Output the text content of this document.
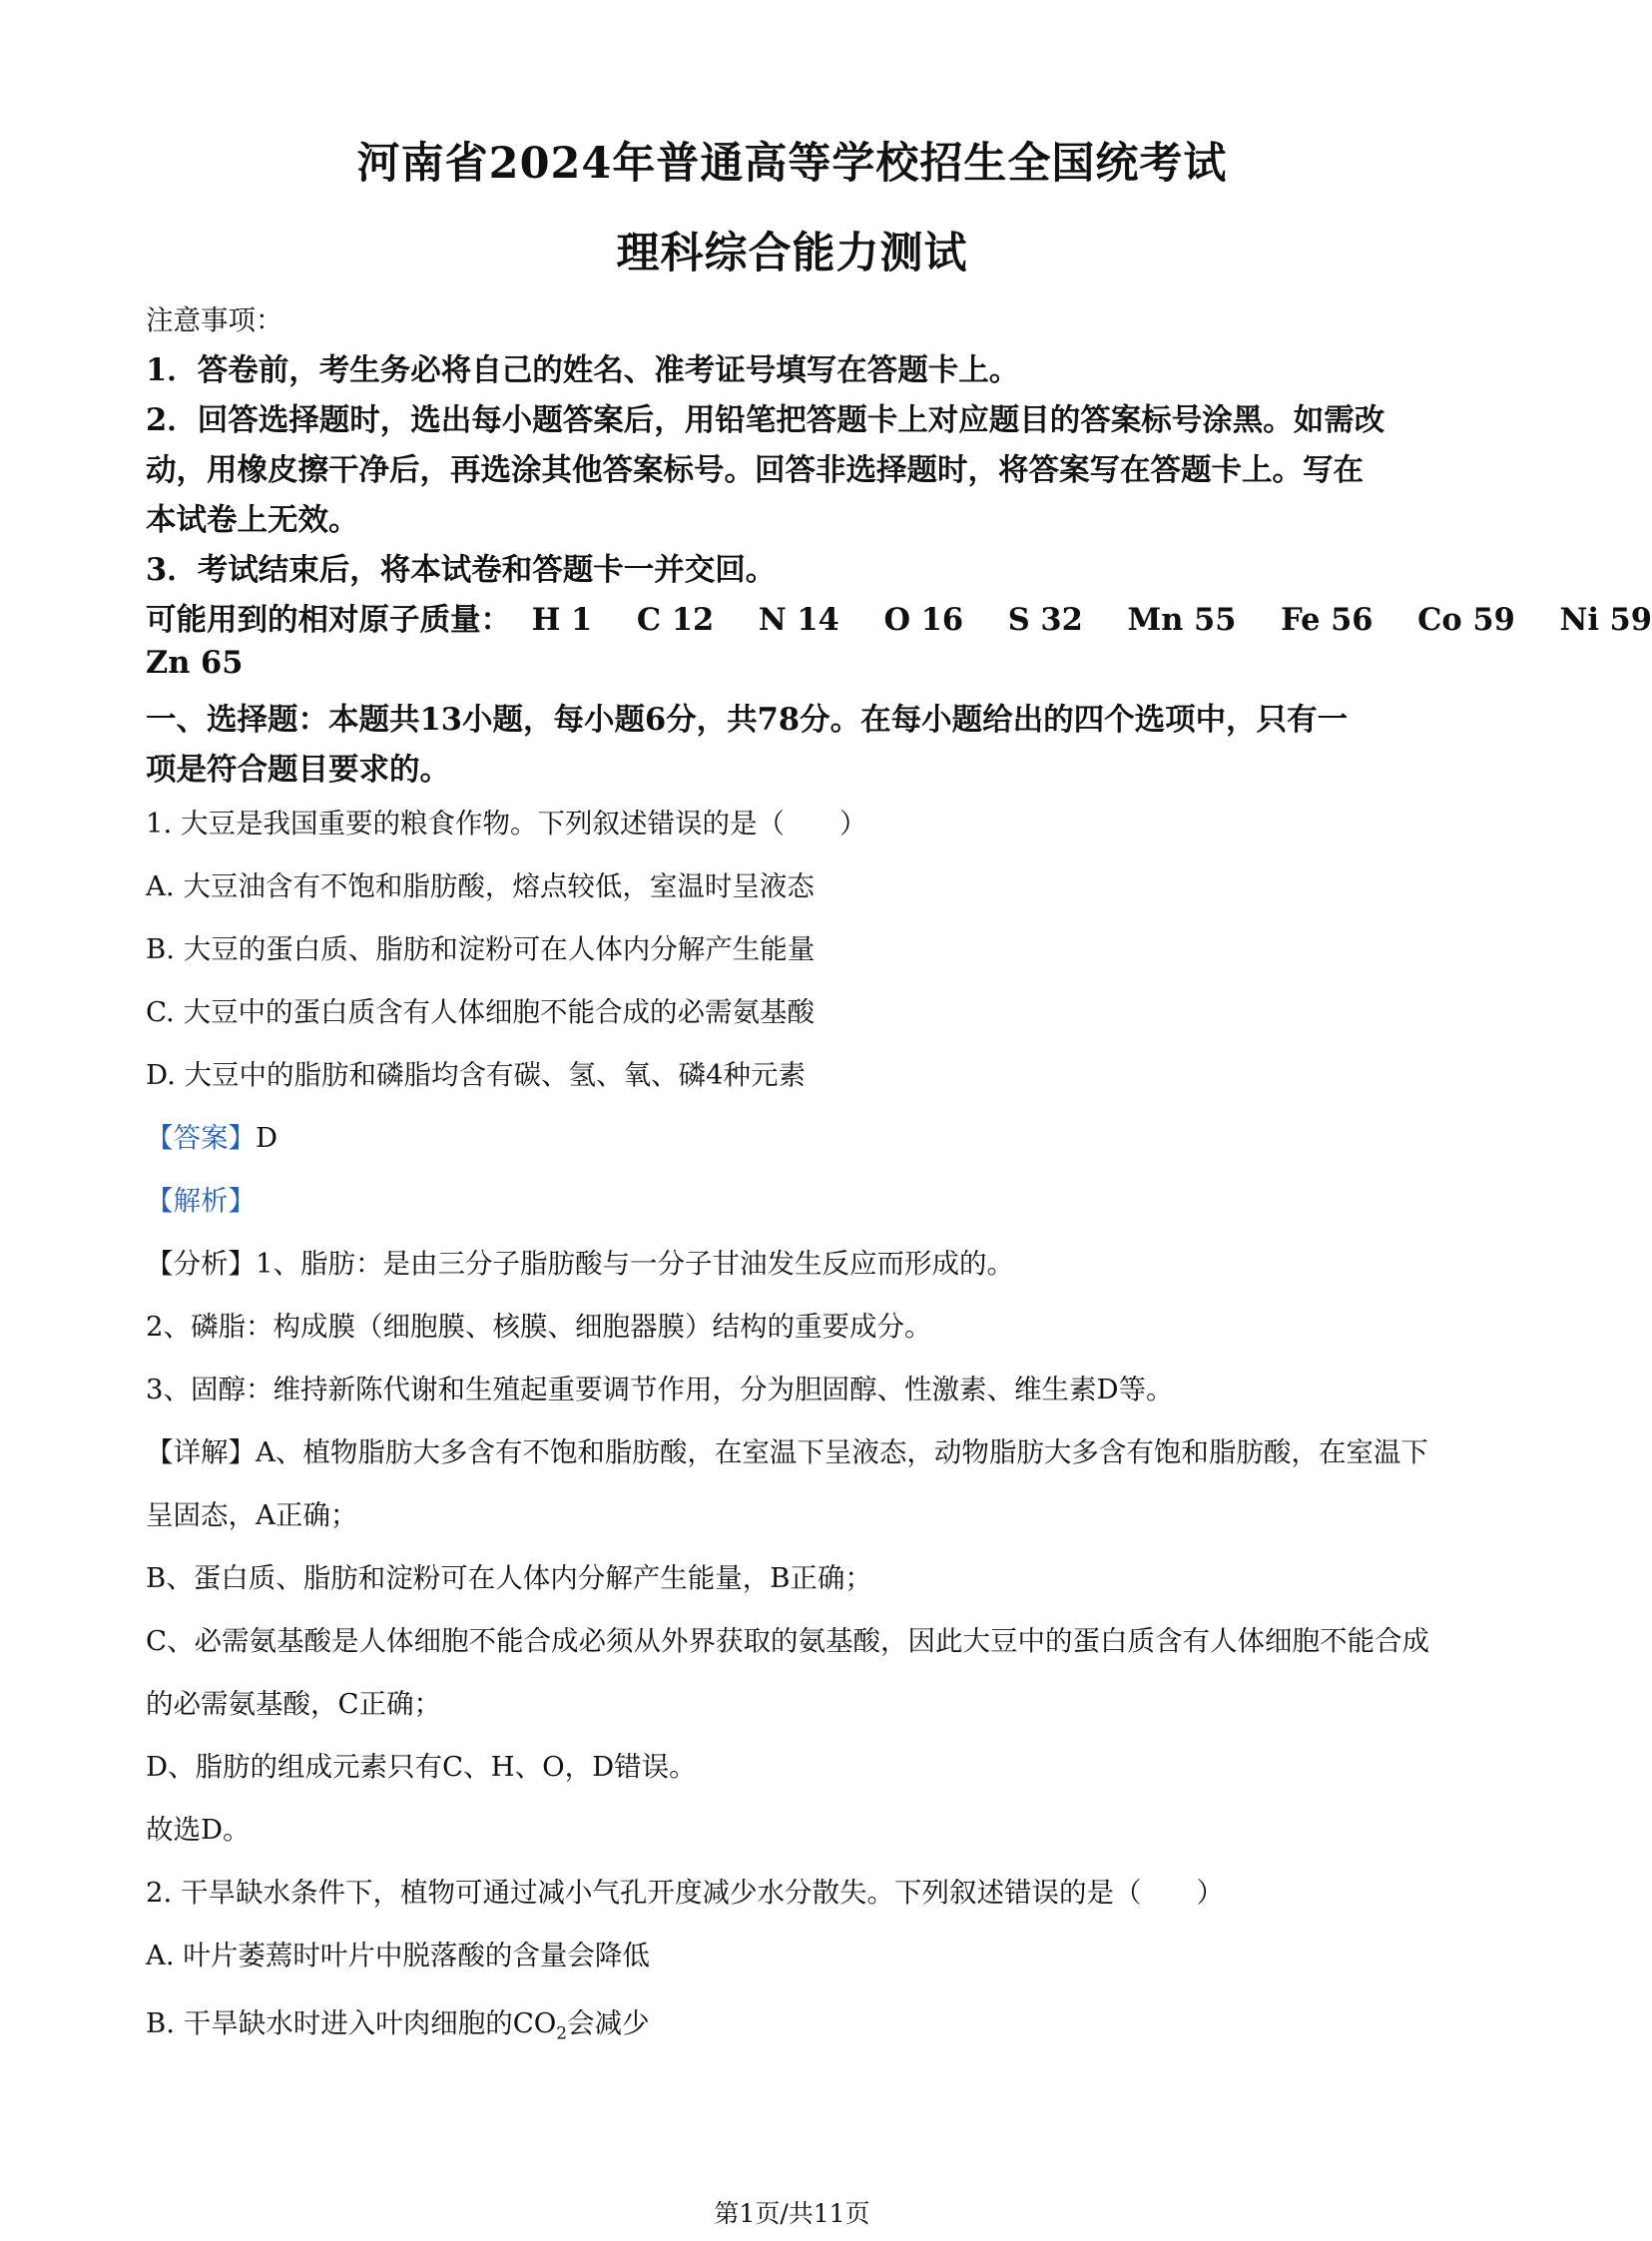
河南省2024年普通高等学校招生全国统考试
理科综合能力测试
注意事项：
1．答卷前，考生务必将自己的姓名、准考证号填写在答题卡上。
2．回答选择题时，选出每小题答案后，用铅笔把答题卡上对应题目的答案标号涂黑。如需改
动，用橡皮擦干净后，再选涂其他答案标号。回答非选择题时，将答案写在答题卡上。写在
本试卷上无效。
3．考试结束后，将本试卷和答题卡一并交回。
可能用到的相对原子质量： H 1 C 12 N 14 O 16 S 32 Mn 55 Fe 56 Co 59 Ni 59
Zn 65
一、选择题：本题共13小题，每小题6分，共78分。在每小题给出的四个选项中，只有一
项是符合题目要求的。
1. 大豆是我国重要的粮食作物。下列叙述错误的是（　　）
A. 大豆油含有不饱和脂肪酸，熔点较低，室温时呈液态
B. 大豆的蛋白质、脂肪和淀粉可在人体内分解产生能量
C. 大豆中的蛋白质含有人体细胞不能合成的必需氨基酸
D. 大豆中的脂肪和磷脂均含有碳、氢、氧、磷4种元素
【答案】D
【解析】
【分析】1、脂肪：是由三分子脂肪酸与一分子甘油发生反应而形成的。
2、磷脂：构成膜（细胞膜、核膜、细胞器膜）结构的重要成分。
3、固醇：维持新陈代谢和生殖起重要调节作用，分为胆固醇、性激素、维生素D等。
【详解】A、植物脂肪大多含有不饱和脂肪酸，在室温下呈液态，动物脂肪大多含有饱和脂肪酸，在室温下
呈固态，A正确；
B、蛋白质、脂肪和淀粉可在人体内分解产生能量，B正确；
C、必需氨基酸是人体细胞不能合成必须从外界获取的氨基酸，因此大豆中的蛋白质含有人体细胞不能合成
的必需氨基酸，C正确；
D、脂肪的组成元素只有C、H、O，D错误。
故选D。
2. 干旱缺水条件下，植物可通过减小气孔开度减少水分散失。下列叙述错误的是（　　）
A. 叶片萎蔫时叶片中脱落酸的含量会降低
B. 干旱缺水时进入叶肉细胞的$CO_2$会减少
第1页/共11页
